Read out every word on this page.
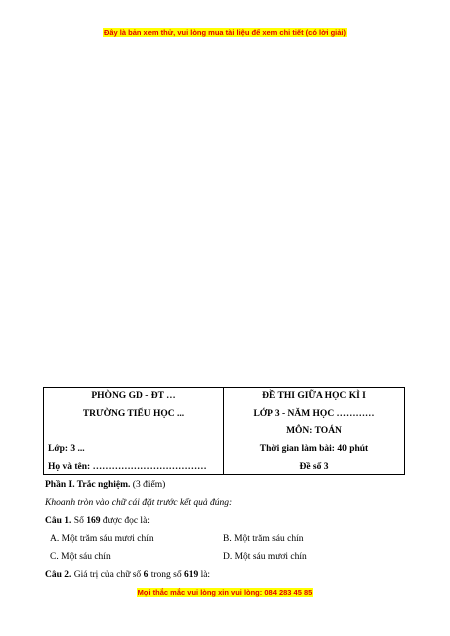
Đây là bản xem thử, vui lòng mua tài liệu để xem chi tiết (có lời giải)
PHÒNG GD - ĐT …
TRƯỜNG TIỂU HỌC ...
Lớp: 3 ...
Họ và tên: ………………………………
ĐỀ THI GIỮA HỌC KÌ I
LỚP 3 - NĂM HỌC …………
MÔN: TOÁN
Thời gian làm bài: 40 phút
Đề số 3
Phần I. Trắc nghiệm. (3 điểm)
Khoanh tròn vào chữ cái đặt trước kết quả đúng:
Câu 1. Số 169 được đọc là:
A. Một trăm sáu mươi chín	B. Một trăm sáu chín
C. Một sáu chín	D. Một sáu mươi chín
Câu 2. Giá trị của chữ số 6 trong số 619 là:
Mọi thắc mắc vui lòng xin vui lòng: 084 283 45 85
